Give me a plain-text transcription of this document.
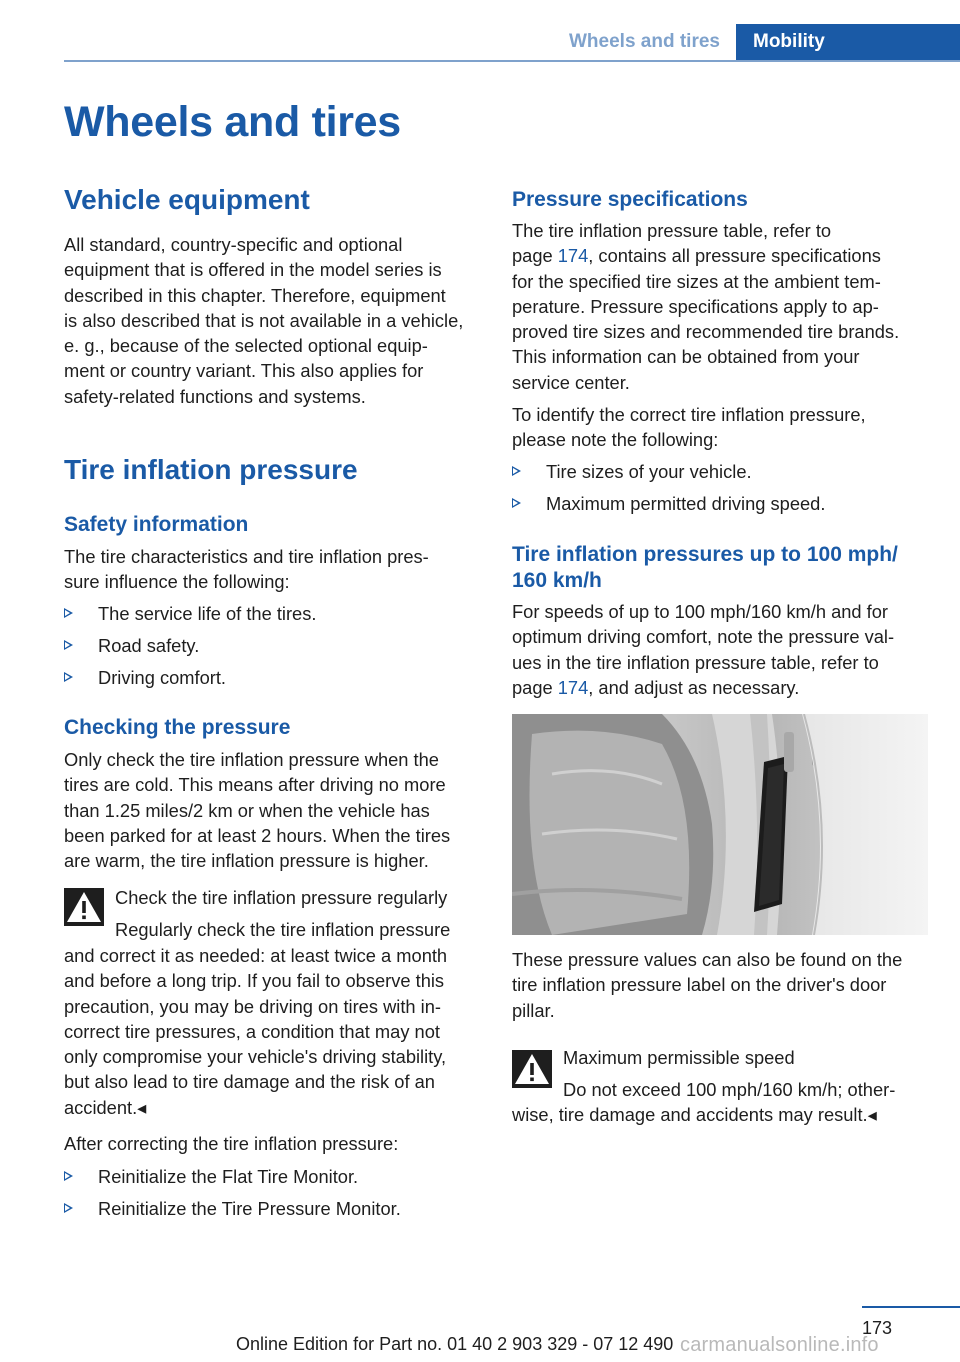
Wheels and tires	Mobility
Wheels and tires
Vehicle equipment
All standard, country-specific and optional
equipment that is offered in the model series is
described in this chapter. Therefore, equipment
is also described that is not available in a vehicle,
e. g., because of the selected optional equip-
ment or country variant. This also applies for
safety-related functions and systems.
Tire inflation pressure
Safety information
The tire characteristics and tire inflation pres-
sure influence the following:
The service life of the tires.
Road safety.
Driving comfort.
Checking the pressure
Only check the tire inflation pressure when the
tires are cold. This means after driving no more
than 1.25 miles/2 km or when the vehicle has
been parked for at least 2 hours. When the tires
are warm, the tire inflation pressure is higher.
Check the tire inflation pressure regularly
Regularly check the tire inflation pressure
and correct it as needed: at least twice a month
and before a long trip. If you fail to observe this
precaution, you may be driving on tires with in-
correct tire pressures, a condition that may not
only compromise your vehicle's driving stability,
but also lead to tire damage and the risk of an
accident.◂
After correcting the tire inflation pressure:
Reinitialize the Flat Tire Monitor.
Reinitialize the Tire Pressure Monitor.
Pressure specifications
The tire inflation pressure table, refer to
page 174, contains all pressure specifications
for the specified tire sizes at the ambient tem-
perature. Pressure specifications apply to ap-
proved tire sizes and recommended tire brands.
This information can be obtained from your
service center.
To identify the correct tire inflation pressure,
please note the following:
Tire sizes of your vehicle.
Maximum permitted driving speed.
Tire inflation pressures up to 100 mph/
160 km/h
For speeds of up to 100 mph/160 km/h and for
optimum driving comfort, note the pressure val-
ues in the tire inflation pressure table, refer to
page 174, and adjust as necessary.
These pressure values can also be found on the
tire inflation pressure label on the driver's door
pillar.
Maximum permissible speed
Do not exceed 100 mph/160 km/h; other-
wise, tire damage and accidents may result.◂
173
Online Edition for Part no. 01 40 2 903 329 - 07 12 490 carmanualsonline.info
